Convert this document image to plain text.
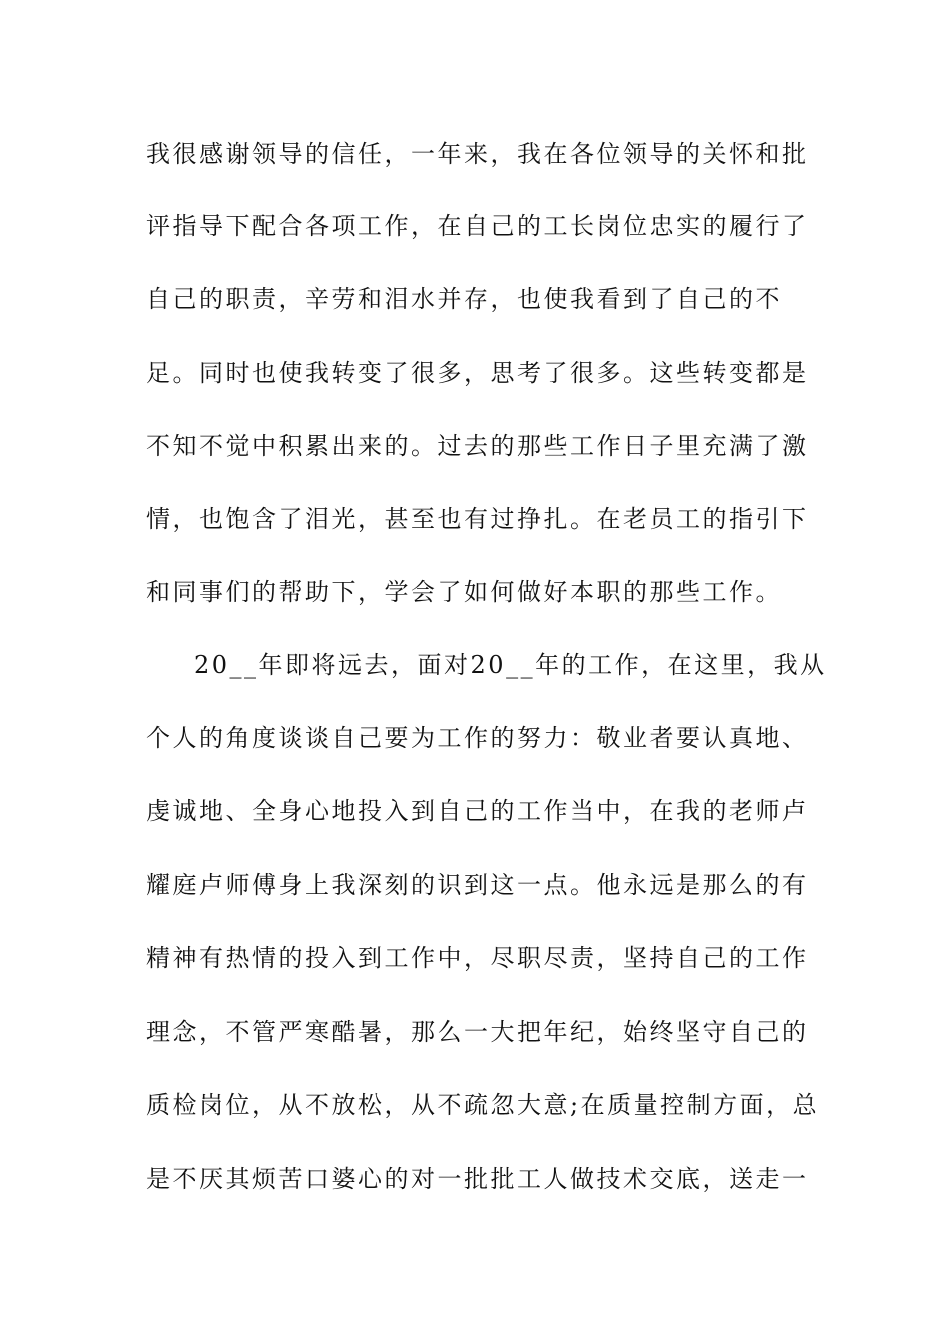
我很感谢领导的信任，一年来，我在各位领导的关怀和批
评指导下配合各项工作，在自己的工长岗位忠实的履行了
自己的职责，辛劳和泪水并存，也使我看到了自己的不
足。同时也使我转变了很多，思考了很多。这些转变都是
不知不觉中积累出来的。过去的那些工作日子里充满了激
情，也饱含了泪光，甚至也有过挣扎。在老员工的指引下
和同事们的帮助下，学会了如何做好本职的那些工作。
20__年即将远去，面对20__年的工作，在这里，我从
个人的角度谈谈自己要为工作的努力：敬业者要认真地、
虔诚地、全身心地投入到自己的工作当中，在我的老师卢
耀庭卢师傅身上我深刻的识到这一点。他永远是那么的有
精神有热情的投入到工作中，尽职尽责，坚持自己的工作
理念，不管严寒酷暑，那么一大把年纪，始终坚守自己的
质检岗位，从不放松，从不疏忽大意;在质量控制方面，总
是不厌其烦苦口婆心的对一批批工人做技术交底，送走一
